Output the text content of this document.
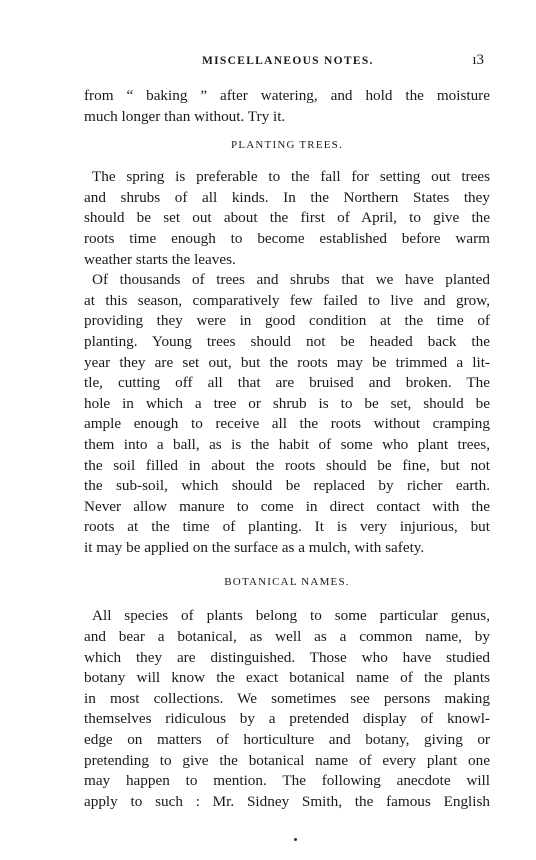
MISCELLANEOUS NOTES.	ı3
from “ baking ” after watering, and hold the moisture
much longer than without. Try it.
PLANTING TREES.
The spring is preferable to the fall for setting out trees
and shrubs of all kinds. In the Northern States they
should be set out about the first of April, to give the
roots time enough to become established before warm
weather starts the leaves.
Of thousands of trees and shrubs that we have planted
at this season, comparatively few failed to live and grow,
providing they were in good condition at the time of
planting. Young trees should not be headed back the
year they are set out, but the roots may be trimmed a lit-
tle, cutting off all that are bruised and broken. The
hole in which a tree or shrub is to be set, should be
ample enough to receive all the roots without cramping
them into a ball, as is the habit of some who plant trees,
the soil filled in about the roots should be fine, but not
the sub-soil, which should be replaced by richer earth.
Never allow manure to come in direct contact with the
roots at the time of planting. It is very injurious, but
it may be applied on the surface as a mulch, with safety.
BOTANICAL NAMES.
All species of plants belong to some particular genus,
and bear a botanical, as well as a common name, by
which they are distinguished. Those who have studied
botany will know the exact botanical name of the plants
in most collections. We sometimes see persons making
themselves ridiculous by a pretended display of knowl-
edge on matters of horticulture and botany, giving or
pretending to give the botanical name of every plant one
may happen to mention. The following anecdote will
apply to such : Mr. Sidney Smith, the famous English
